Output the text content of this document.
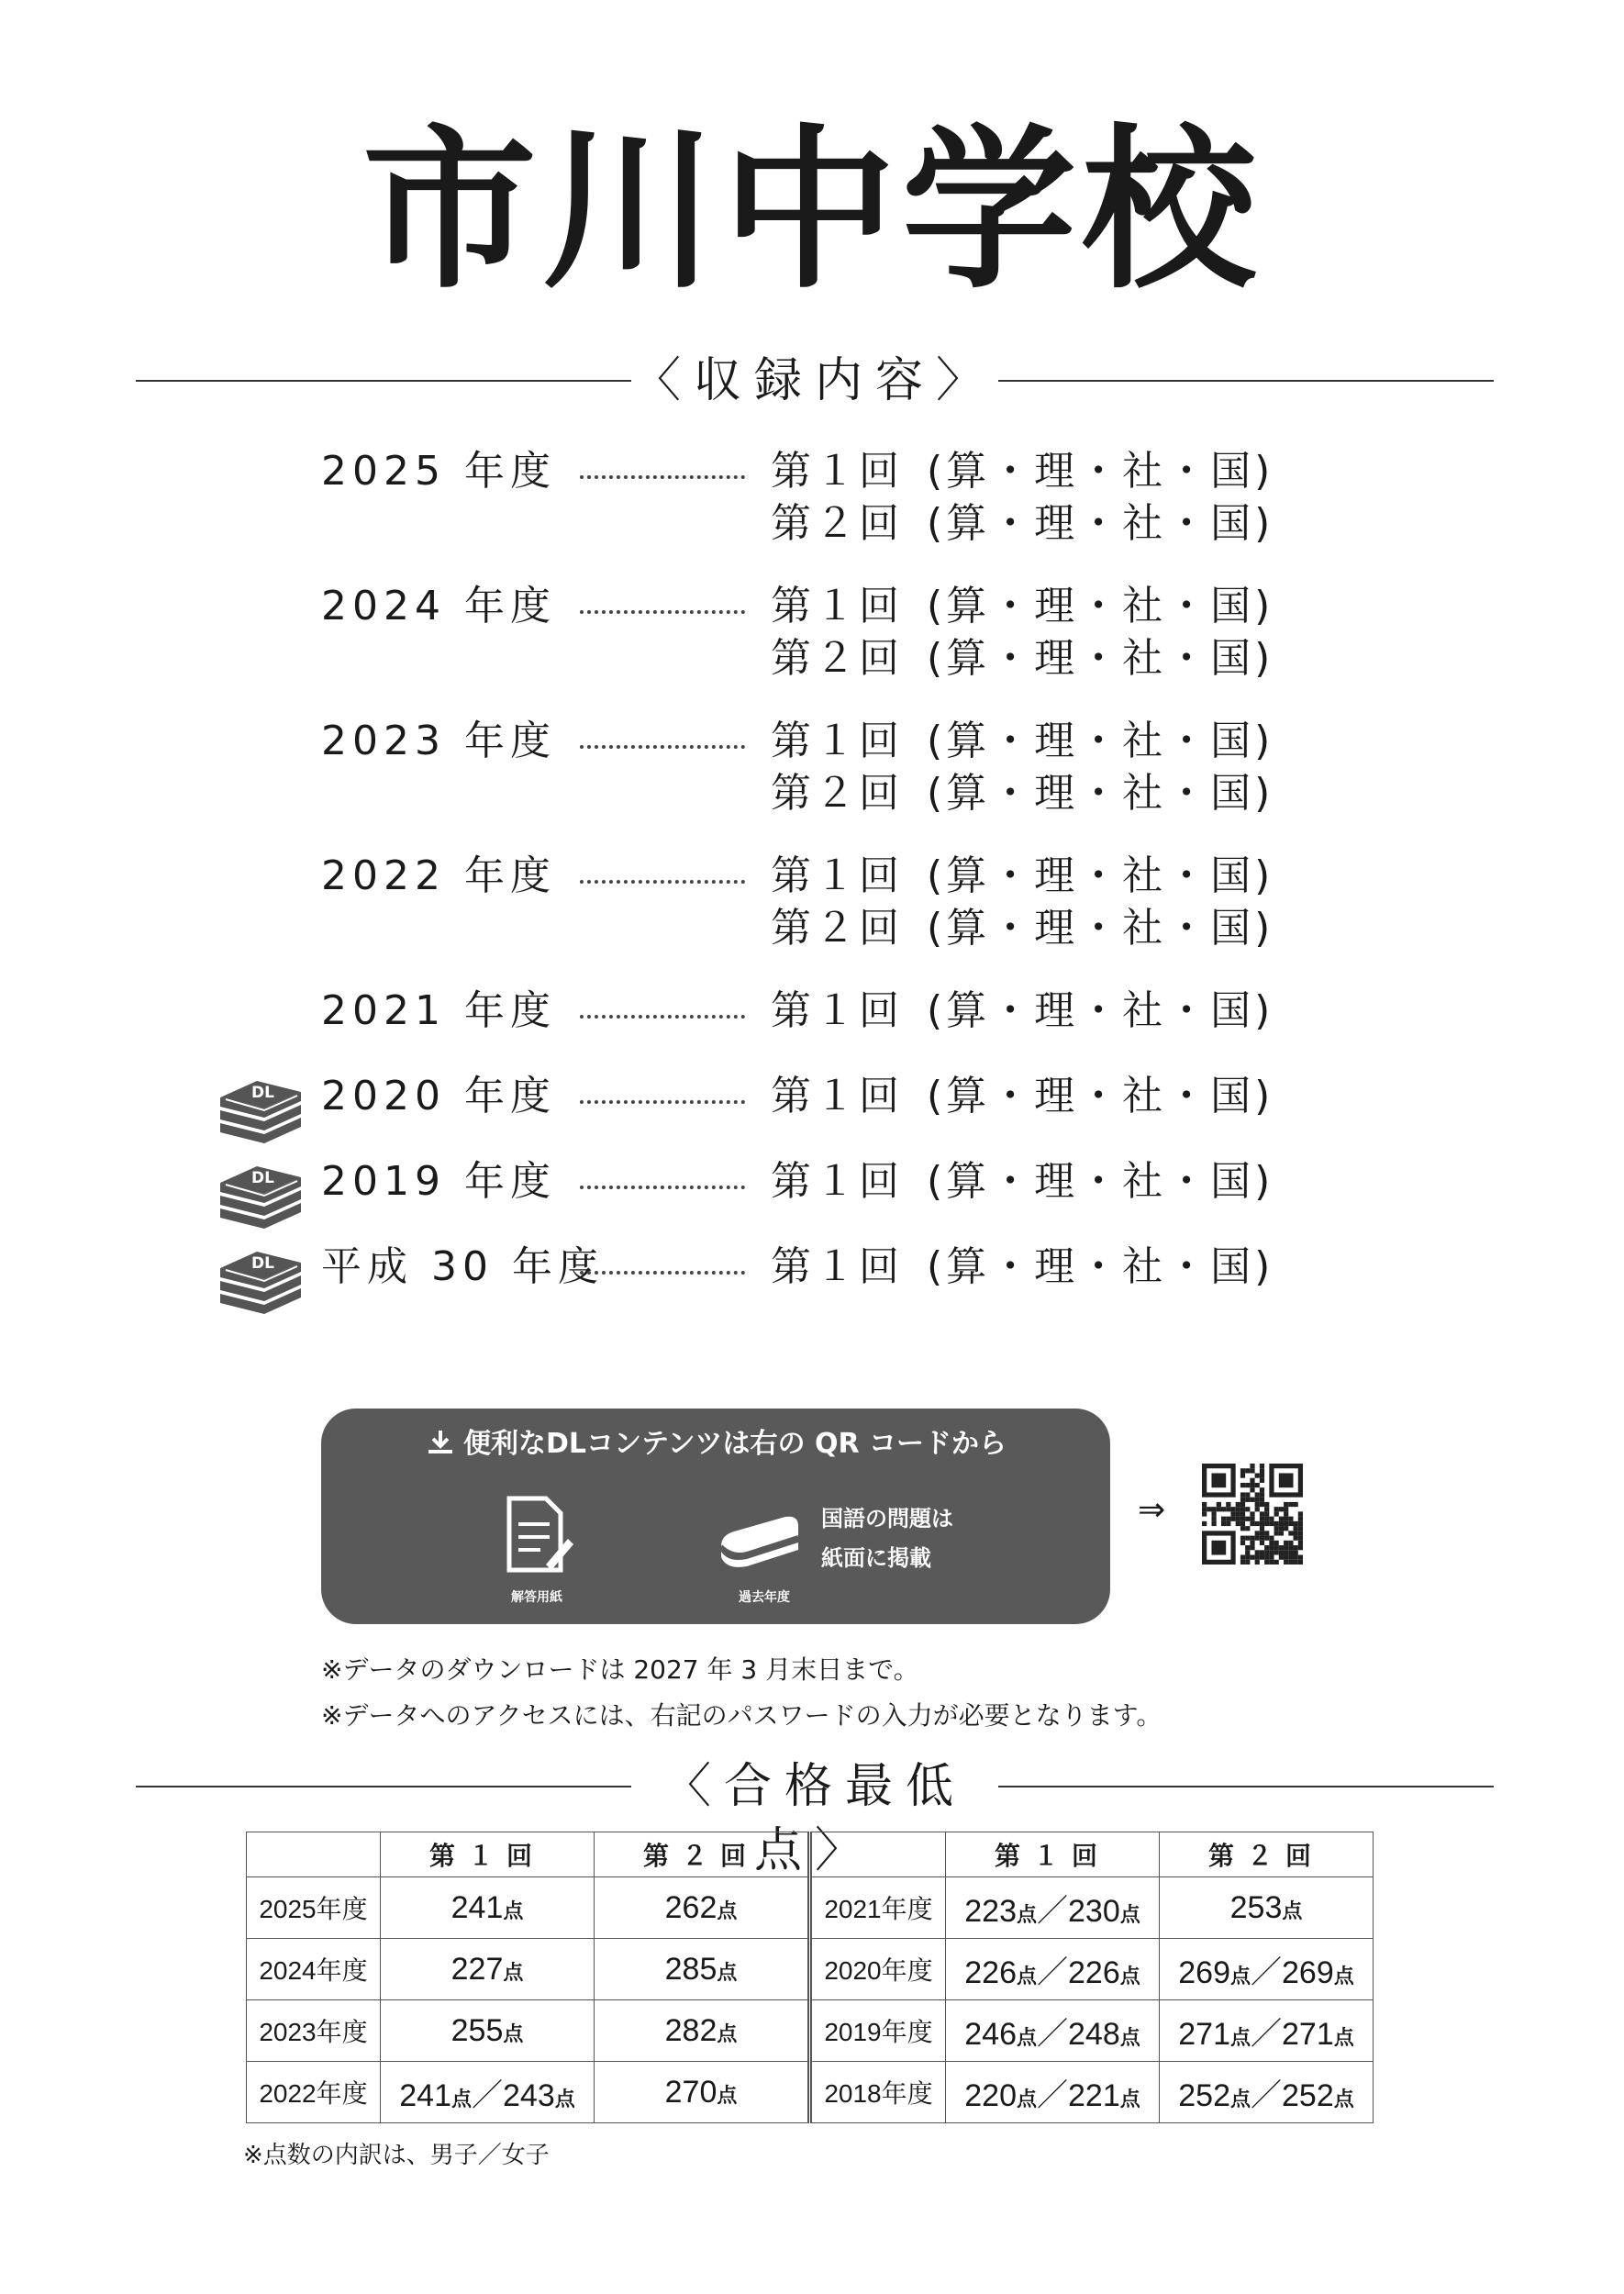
市川中学校
〈収録内容〉
2025 年度	第１回 (算・理・社・国)
第２回 (算・理・社・国)
2024 年度	第１回 (算・理・社・国)
第２回 (算・理・社・国)
2023 年度	第１回 (算・理・社・国)
第２回 (算・理・社・国)
2022 年度	第１回 (算・理・社・国)
第２回 (算・理・社・国)
2021 年度	第１回 (算・理・社・国)
2020 年度	第１回 (算・理・社・国)
DL
2019 年度	第１回 (算・理・社・国)
DL
平成 30 年度	第１回 (算・理・社・国)
DL
便利なDLコンテンツは右の QR コードから
解答用紙	過去年度
国語の問題は
紙面に掲載
⇒
※データのダウンロードは 2027 年 3 月末日まで。
※データへのアクセスには、右記のパスワードの入力が必要となります。
〈合格最低点〉
	第１回	第２回		第１回	第２回
2025年度	241点	262点	2021年度	223点／230点	253点
2024年度	227点	285点	2020年度	226点／226点	269点／269点
2023年度	255点	282点	2019年度	246点／248点	271点／271点
2022年度	241点／243点	270点	2018年度	220点／221点	252点／252点
※点数の内訳は、男子／女子
